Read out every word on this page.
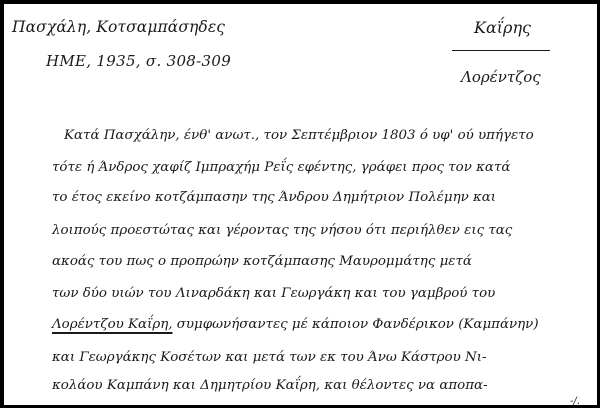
Πασχάλη, Κοτσαμπάσηδες
ΗΜΕ, 1935, σ. 308-309
Καΐρης
Λορέντζος
Κατά Πασχάλην, ένθ' ανωτ., τον Σεπτέμβριον 1803 ό υφ' ού υπήγετο
τότε ή Άνδρος χαφίζ Ιμπραχήμ Ρεΐς εφέντης, γράφει προς τον κατά
το έτος εκείνο κοτζάμπασην της Άνδρου Δημήτριον Πολέμην και
λοιπούς προεστώτας και γέροντας της νήσου ότι περιήλθεν εις τας
ακοάς του πως ο προπρώην κοτζάμπασης Μαυρομμάτης μετά
των δύο υιών του Λιναρδάκη και Γεωργάκη και του γαμβρού του
Λορέντζου Καΐρη, συμφωνήσαντες μέ κάποιον Φανδέρικον (Καμπάνην)
και Γεωργάκης Κοσέτων και μετά των εκ του Άνω Κάστρου Νι-
κολάου Καμπάνη και Δημητρίου Καΐρη, και θέλοντες να αποπα-
-/.
